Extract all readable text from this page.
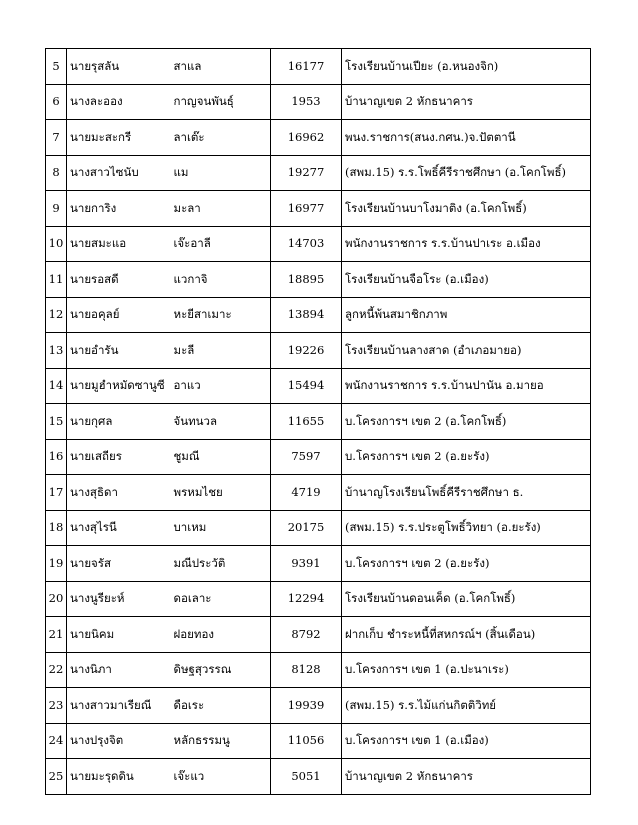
5	นายรุสลัน	สาแล	16177	โรงเรียนบ้านเปียะ (อ.หนองจิก)
6	นางละออง	กาญจนพันธุ์	1953	บ้านาญเขต 2 หักธนาคาร
7	นายมะสะกรี	ลาเต๊ะ	16962	พนง.ราชการ(สนง.กศน.)จ.ปัตตานี
8	นางสาวไซนับ	แม	19277	(สพม.15) ร.ร.โพธิ์คีรีราชศึกษา (อ.โคกโพธิ์)
9	นายการิง	มะลา	16977	โรงเรียนบ้านบาโงมาติง (อ.โคกโพธิ์)
10	นายสมะแอ	เจ๊ะอาลี	14703	พนักงานราชการ ร.ร.บ้านปาเระ อ.เมือง
11	นายรอสดี	แวกาจิ	18895	โรงเรียนบ้านจือโระ (อ.เมือง)
12	นายอคุลย์	หะยีสาเมาะ	13894	ลูกหนี้พ้นสมาชิกภาพ
13	นายอำรัน	มะลี	19226	โรงเรียนบ้านลางสาด (อำเภอมายอ)
14	นายมูฮำหมัดซานูซี	อาแว	15494	พนักงานราชการ ร.ร.บ้านปานัน อ.มายอ
15	นายกุศล	จันทนวล	11655	บ.โครงการฯ เขต 2 (อ.โคกโพธิ์)
16	นายเสถียร	ชูมณี	7597	บ.โครงการฯ เขต 2 (อ.ยะรัง)
17	นางสุธิดา	พรหมไชย	4719	บ้านาญโรงเรียนโพธิ์คีรีราชศึกษา ธ.
18	นางสุไรนี	บาเหม	20175	(สพม.15) ร.ร.ประตูโพธิ์วิทยา (อ.ยะรัง)
19	นายจรัส	มณีประวัติ	9391	บ.โครงการฯ เขต 2 (อ.ยะรัง)
20	นางนูรียะห์	ดอเลาะ	12294	โรงเรียนบ้านดอนเค็ด (อ.โคกโพธิ์)
21	นายนิคม	ฝอยทอง	8792	ฝากเก็บ ชำระหนี้ที่สหกรณ์ฯ (สิ้นเดือน)
22	นางนิภา	ดิษฐสุวรรณ	8128	บ.โครงการฯ เขต 1 (อ.ปะนาเระ)
23	นางสาวมาเรียณี	ดือเระ	19939	(สพม.15) ร.ร.ไม้แก่นกิตติวิทย์
24	นางปรุงจิต	หลักธรรมนู	11056	บ.โครงการฯ เขต 1 (อ.เมือง)
25	นายมะรุดดิน	เจ๊ะแว	5051	บ้านาญเขต 2 หักธนาคาร
